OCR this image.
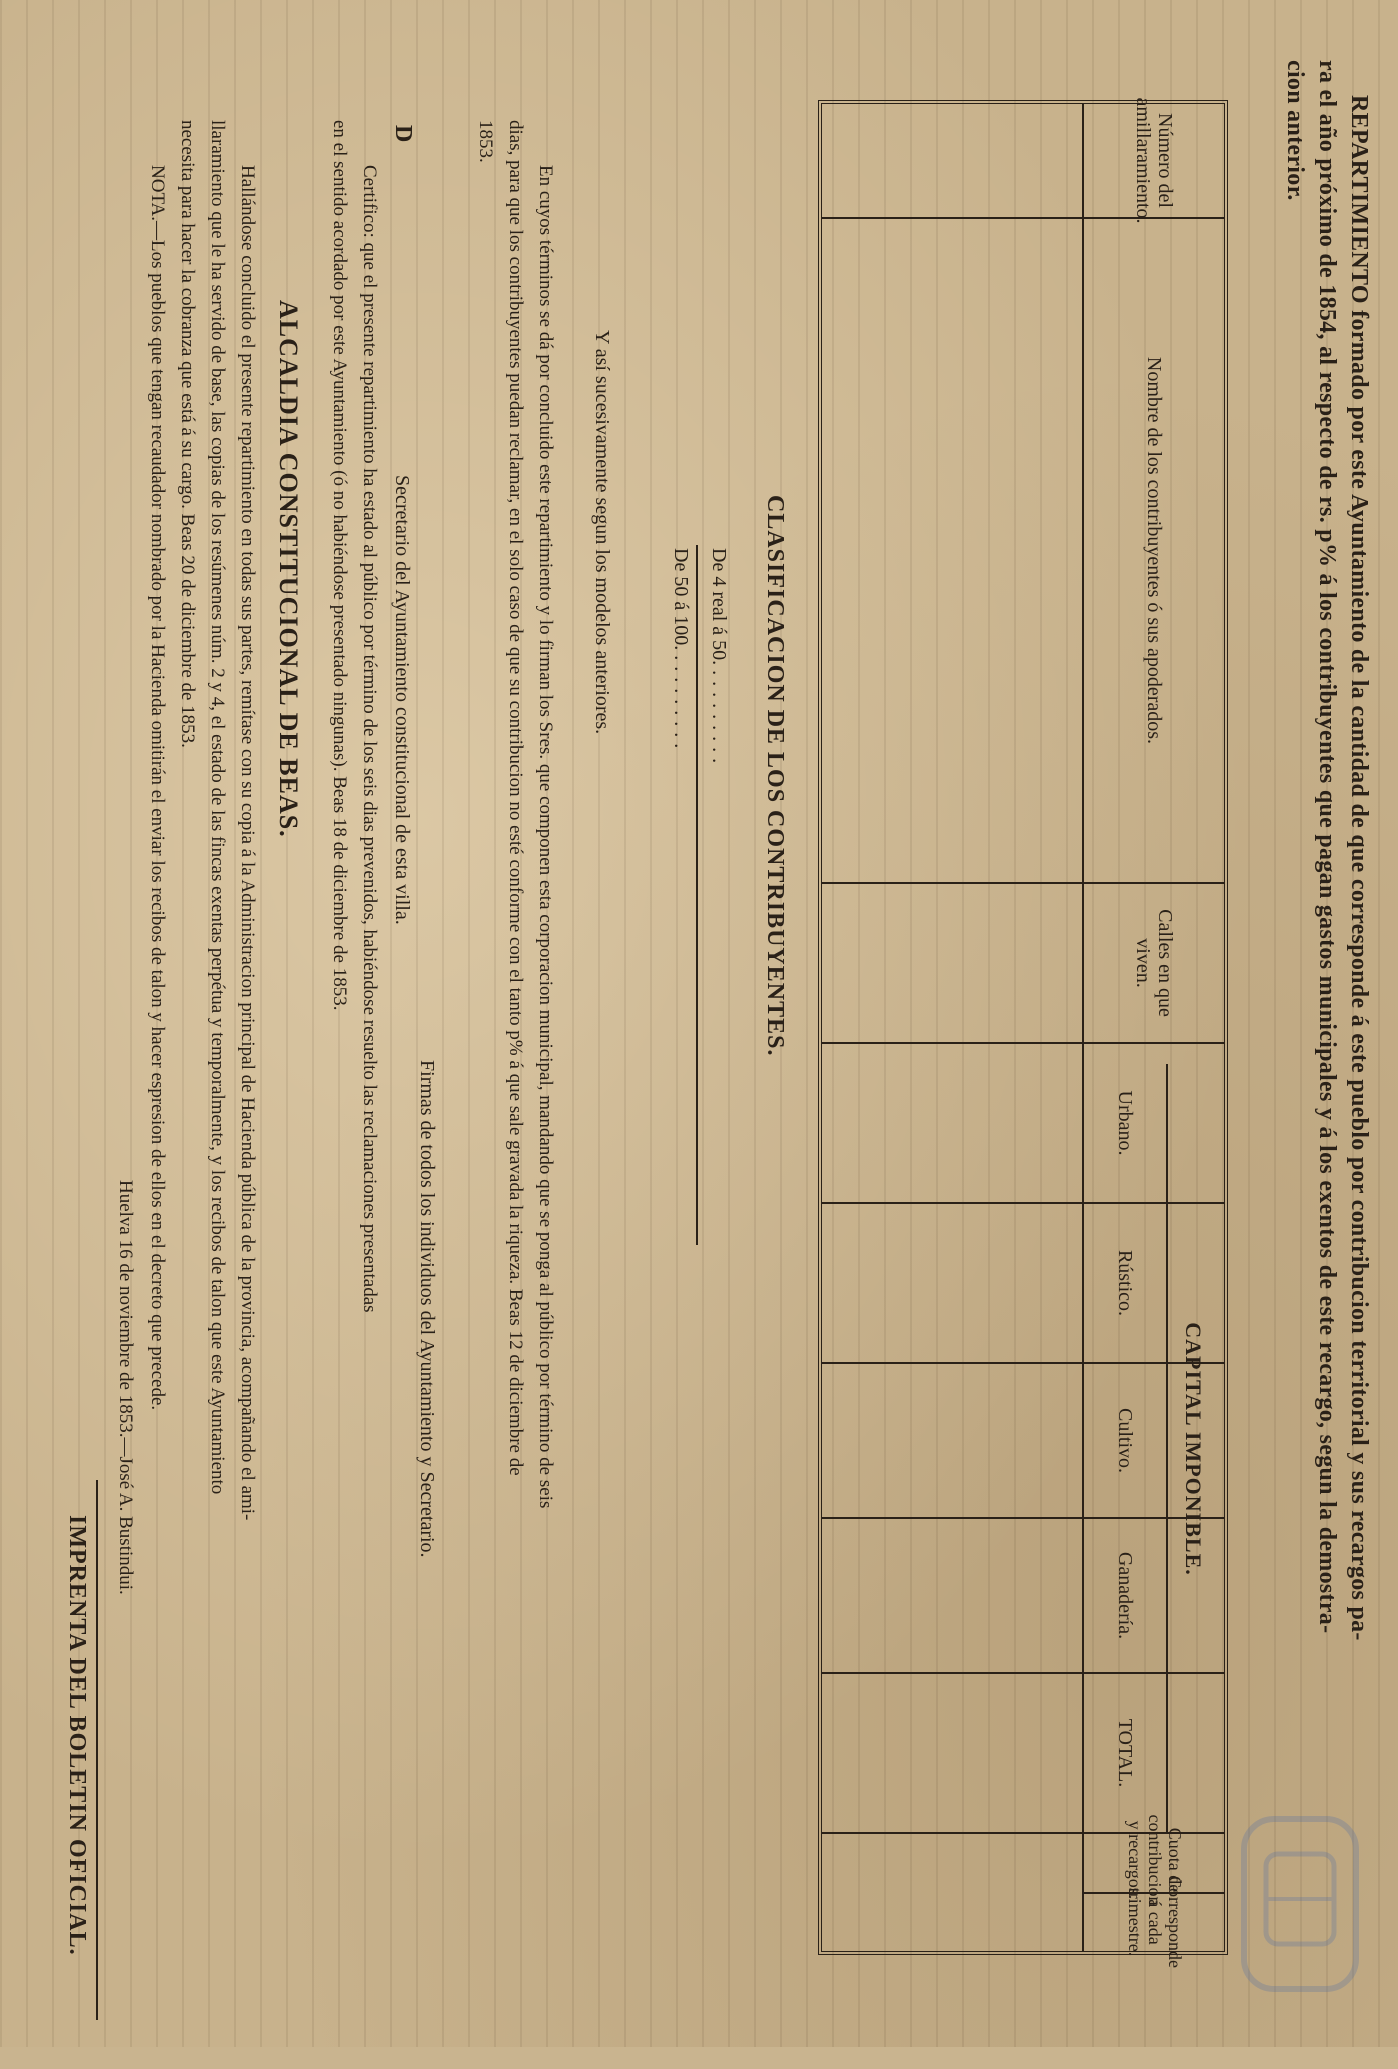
REPARTIMIENTO formado por este Ayuntamiento de la cantidad de que corresponde á este pueblo por contribucion territorial y sus recargos pa-
ra el año próximo de 1854, al respecto de rs. p% á los contribuyentes que pagan gastos municipales y á los exentos de este recargo, segun la demostra-
cion anterior.
Número del amillaramiento.
Nombre de los contribuyentes ó sus apoderados.
Calles en que viven.
CAPITAL IMPONIBLE.
Urbano.
Rústico.
Cultivo.
Ganadería.
TOTAL.
Cuota de contribucion y recargos.
Corresponde á cada trimestre.
CLASIFICACION DE LOS CONTRIBUYENTES.
De 4 real á 50. .........
De 50 á 100. .........
Y así sucesivamente segun los modelos anteriores.
En cuyos términos se dá por concluido este repartimiento y lo firman los Sres. que componen esta corporacion municipal, mandando que se ponga al público por término de seis
dias, para que los contribuyentes puedan reclamar, en el solo caso de que su contribucion no esté conforme con el tanto p% á que sale gravada la riqueza. Beas 12 de diciembre de
1853.
Firmas de todos los individuos del Ayuntamiento y Secretario.
D
Secretario del Ayuntamiento constitucional de esta villa.
Certifico: que el presente repartimiento ha estado al público por término de los seis dias prevenidos, habiéndose resuelto las reclamaciones presentadas
en el sentido acordado por este Ayuntamiento (ó no habiéndose presentado ningunas). Beas 18 de diciembre de 1853.
ALCALDIA CONSTITUCIONAL DE BEAS.
Hallándose concluido el presente repartimiento en todas sus partes, remítase con su copia á la Administracion principal de Hacienda pública de la provincia, acompañando el ami-
llaramiento que le ha servido de base, las copias de los resúmenes núm. 2 y 4, el estado de las fincas exentas perpétua y temporalmente, y los recibos de talon que este Ayuntamiento
necesita para hacer la cobranza que está á su cargo. Beas 20 de diciembre de 1853.
NOTA.—Los pueblos que tengan recaudador nombrado por la Hacienda omitirán el enviar los recibos de talon y hacer espresion de ellos en el decreto que precede.
Huelva 16 de noviembre de 1853.—José A. Bustindui.
IMPRENTA DEL BOLETIN OFICIAL.
